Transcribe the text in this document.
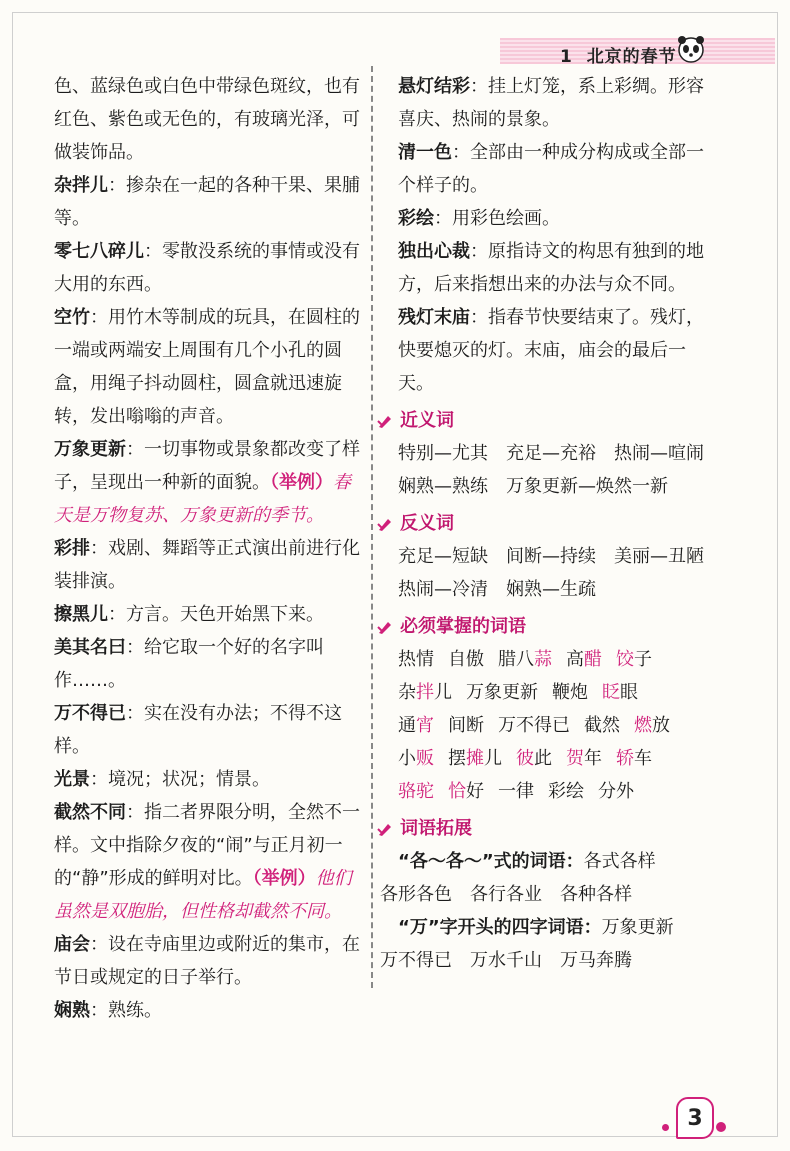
1 北京的春节

色、蓝绿色或白色中带绿色斑纹，也有红色、紫色或无色的，有玻璃光泽，可做装饰品。

杂拌儿：掺杂在一起的各种干果、果脯等。

零七八碎儿：零散没系统的事情或没有大用的东西。

空竹：用竹木等制成的玩具，在圆柱的一端或两端安上周围有几个小孔的圆盒，用绳子抖动圆柱，圆盒就迅速旋转，发出嗡嗡的声音。

万象更新：一切事物或景象都改变了样子，呈现出一种新的面貌。（举例）春天是万物复苏、万象更新的季节。

彩排：戏剧、舞蹈等正式演出前进行化装排演。

擦黑儿：方言。天色开始黑下来。

美其名曰：给它取一个好的名字叫作……。

万不得已：实在没有办法；不得不这样。

光景：境况；状况；情景。

截然不同：指二者界限分明，全然不一样。文中指除夕夜的“闹”与正月初一的“静”形成的鲜明对比。（举例）他们虽然是双胞胎，但性格却截然不同。

庙会：设在寺庙里边或附近的集市，在节日或规定的日子举行。

娴熟：熟练。

悬灯结彩：挂上灯笼，系上彩绸。形容喜庆、热闹的景象。

清一色：全部由一种成分构成或全部一个样子的。

彩绘：用彩色绘画。

独出心裁：原指诗文的构思有独到的地方，后来指想出来的办法与众不同。

残灯末庙：指春节快要结束了。残灯，快要熄灭的灯。末庙，庙会的最后一天。

近义词

特别—尤其　充足—充裕　热闹—喧闹

娴熟—熟练　万象更新—焕然一新

反义词

充足—短缺　间断—持续　美丽—丑陋

热闹—冷清　娴熟—生疏

必须掌握的词语

热情 自傲 腊八蒜 高醋 饺子

杂拌儿 万象更新 鞭炮 眨眼

通宵 间断 万不得已 截然 燃放

小贩 摆摊儿 彼此 贺年 轿车

骆驼 恰好 一律 彩绘 分外

词语拓展

“各～各～”式的词语：各式各样

各形各色　各行各业　各种各样

“万”字开头的四字词语：万象更新

万不得已　万水千山　万马奔腾

3
